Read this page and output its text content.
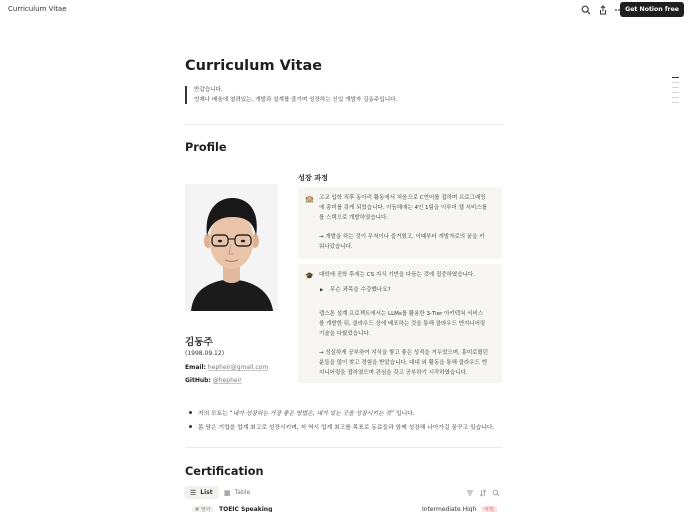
Curriculum Vitae	Get Notion free
Curriculum Vitae
반갑습니다,
언제나 배움에 열려있는, 개발과 설계를 즐기며 성장하는 신입 개발자 김동주입니다.
Profile
김동주
(1998.09.12)
Email: hepheir@gmail.com
GitHub: @hepheir
성장 과정
🏫 고교 입학 직후 동아리 활동에서 처음으로 C언어를 접하며 프로그래밍
에 흥미를 갖게 되었습니다. 이듬해에는 4인 1팀을 이루어 웹 서비스를
를 스택으로 개발하였습니다.
→ 개발을 하는 것이 무척이나 즐거웠고, 이때부터 개발자로의 꿈을 키
워나갔습니다.
🎓 대학에 진학 후에는 CS 지식 기반을 다듬는 것에 집중하였습니다.
▶ 무슨 과목을 수강했나요?
캡스톤 설계 프로젝트에서는 LLMs를 활용한 3-Tier 아키텍쳐 서비스
를 개발한 뒤, 클라우드 상에 배포하는 것을 통해 클라우드 엔지니어링
기술을 다뤘었습니다.
→ 성실하게 공부하여 지식을 쌓고 좋은 성적을 거두었으며, 흥미로웠던
분들을 많이 찾고 경험을 받았습니다. 대내 외 활동을 통해 클라우드 엔
지니어링을 접하였으며 관심을 갖고 공부하기 시작하였습니다.
저의 모토는 “내가 성장하는 가장 좋은 방법은, 내가 있는 곳을 성장시키는 것” 입니다.
몸 담은 기업을 업계 최고로 성장시키며, 저 역시 업계 최고를 목표로 동료들과 함께 성장해 나아가길 꿈꾸고 있습니다.
Certification
☰ List ▦ Table
# 영어	TOEIC Speaking	Intermediate High	어학
